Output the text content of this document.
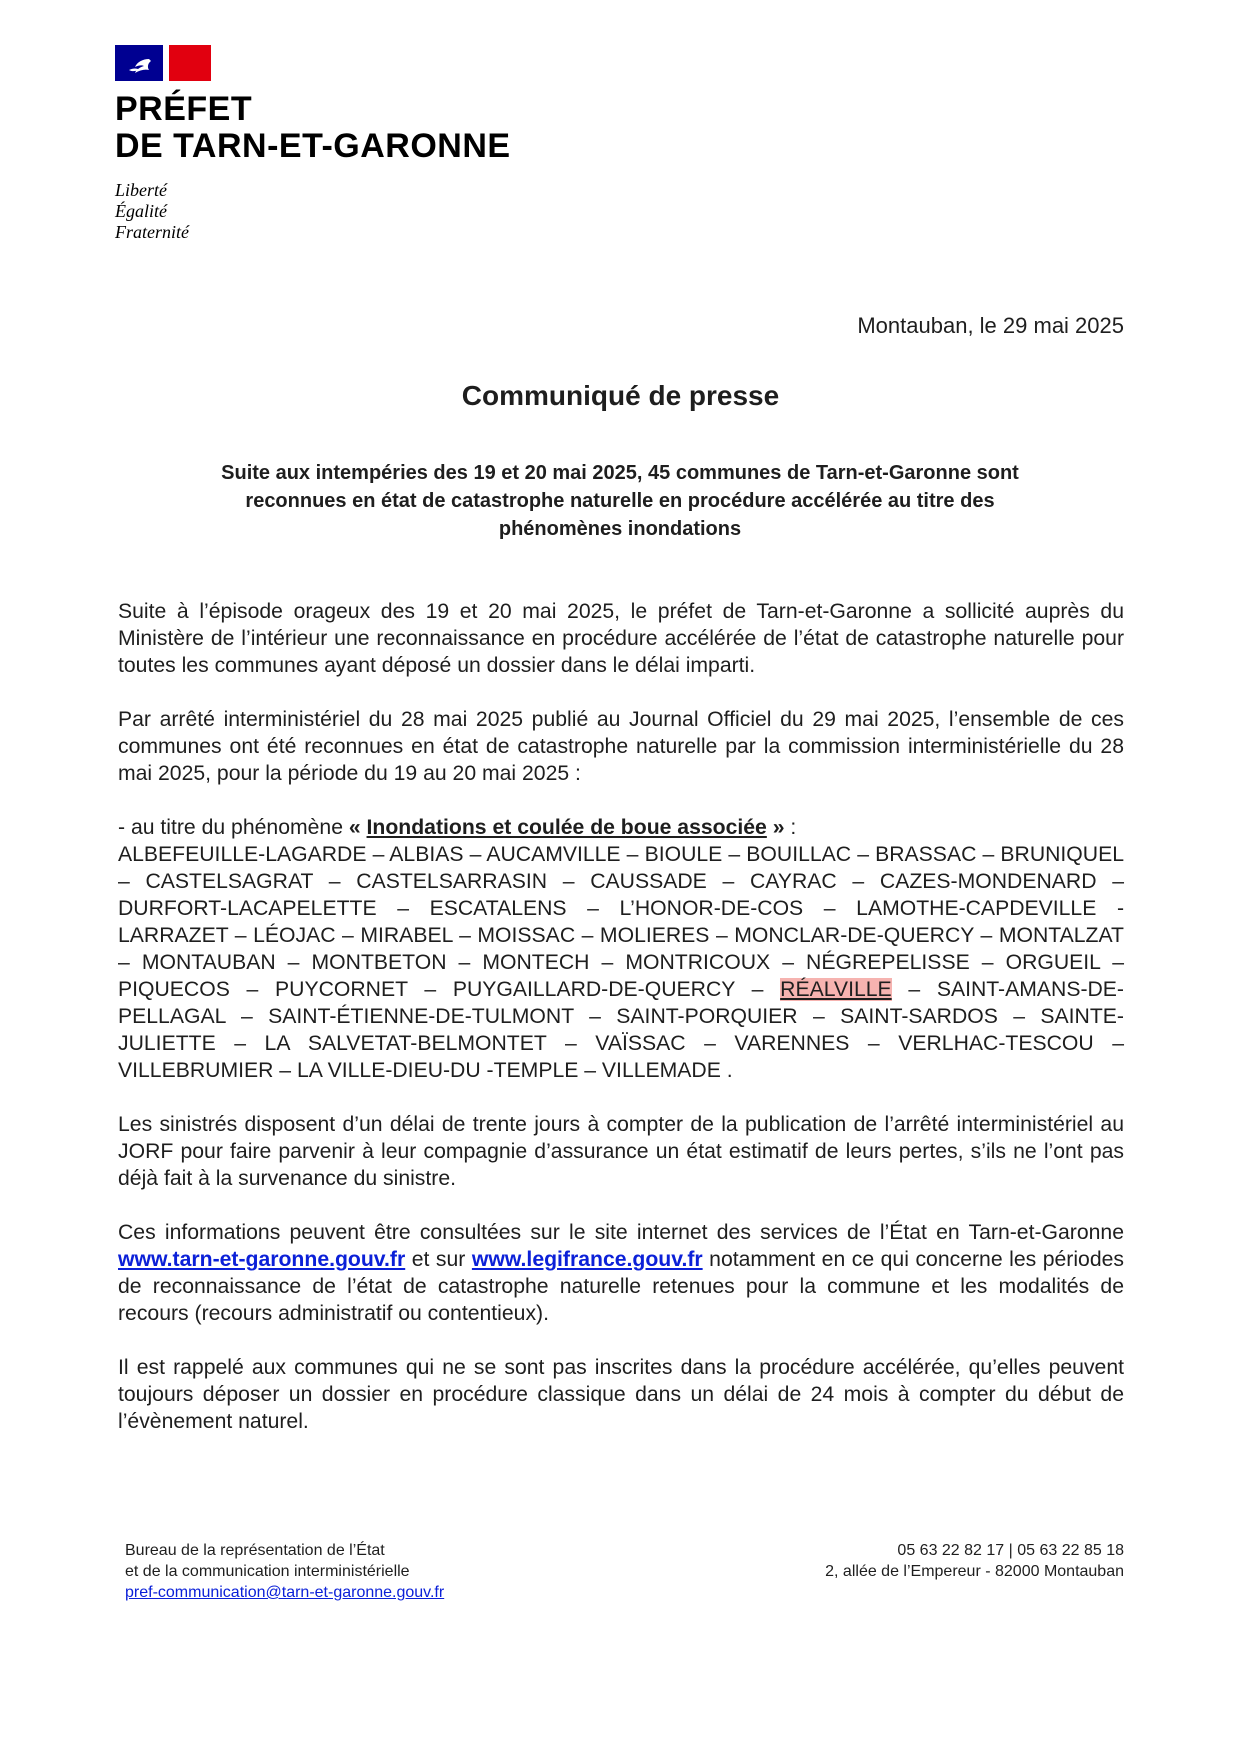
PRÉFET
DE TARN-ET-GARONNE
Liberté
Égalité
Fraternité
Montauban, le 29 mai 2025
Communiqué de presse
Suite aux intempéries des 19 et 20 mai 2025, 45 communes de Tarn-et-Garonne sont
reconnues en état de catastrophe naturelle en procédure accélérée au titre des
phénomènes inondations

Suite à l’épisode orageux des 19 et 20 mai 2025, le préfet de Tarn-et-Garonne a sollicité auprès du Ministère de l’intérieur une reconnaissance en procédure accélérée de l’état de catastrophe naturelle pour toutes les communes ayant déposé un dossier dans le délai imparti.

Par arrêté interministériel du 28 mai 2025 publié au Journal Officiel du 29 mai 2025, l’ensemble de ces communes ont été reconnues en état de catastrophe naturelle par la commission interministérielle du 28 mai 2025, pour la période du 19 au 20 mai 2025 :

- au titre du phénomène « Inondations et coulée de boue associée » :

ALBEFEUILLE-LAGARDE – ALBIAS – AUCAMVILLE – BIOULE – BOUILLAC – BRASSAC – BRUNIQUEL – CASTELSAGRAT – CASTELSARRASIN – CAUSSADE – CAYRAC – CAZES-MONDENARD – DURFORT-LACAPELETTE – ESCATALENS – L’HONOR-DE-COS – LAMOTHE-CAPDEVILLE - LARRAZET – LÉOJAC – MIRABEL – MOISSAC – MOLIERES – MONCLAR-DE-QUERCY – MONTALZAT – MONTAUBAN – MONTBETON – MONTECH – MONTRICOUX – NÉGREPELISSE – ORGUEIL – PIQUECOS – PUYCORNET – PUYGAILLARD-DE-QUERCY – RÉALVILLE – SAINT-AMANS-DE-PELLAGAL – SAINT-ÉTIENNE-DE-TULMONT – SAINT-PORQUIER – SAINT-SARDOS – SAINTE-JULIETTE – LA SALVETAT-BELMONTET – VAÏSSAC – VARENNES – VERLHAC-TESCOU – VILLEBRUMIER – LA VILLE-DIEU-DU -TEMPLE – VILLEMADE .

Les sinistrés disposent d’un délai de trente jours à compter de la publication de l’arrêté interministériel au JORF pour faire parvenir à leur compagnie d’assurance un état estimatif de leurs pertes, s’ils ne l’ont pas déjà fait à la survenance du sinistre.

Ces informations peuvent être consultées sur le site internet des services de l’État en Tarn-et-Garonne www.tarn-et-garonne.gouv.fr et sur www.legifrance.gouv.fr notamment en ce qui concerne les périodes de reconnaissance de l’état de catastrophe naturelle retenues pour la commune et les modalités de recours (recours administratif ou contentieux).

Il est rappelé aux communes qui ne se sont pas inscrites dans la procédure accélérée, qu’elles peuvent toujours déposer un dossier en procédure classique dans un délai de 24 mois à compter du début de l’évènement naturel.

Bureau de la représentation de l’État
et de la communication interministérielle
pref-communication@tarn-et-garonne.gouv.fr
05 63 22 82 17 | 05 63 22 85 18
2, allée de l’Empereur - 82000 Montauban
